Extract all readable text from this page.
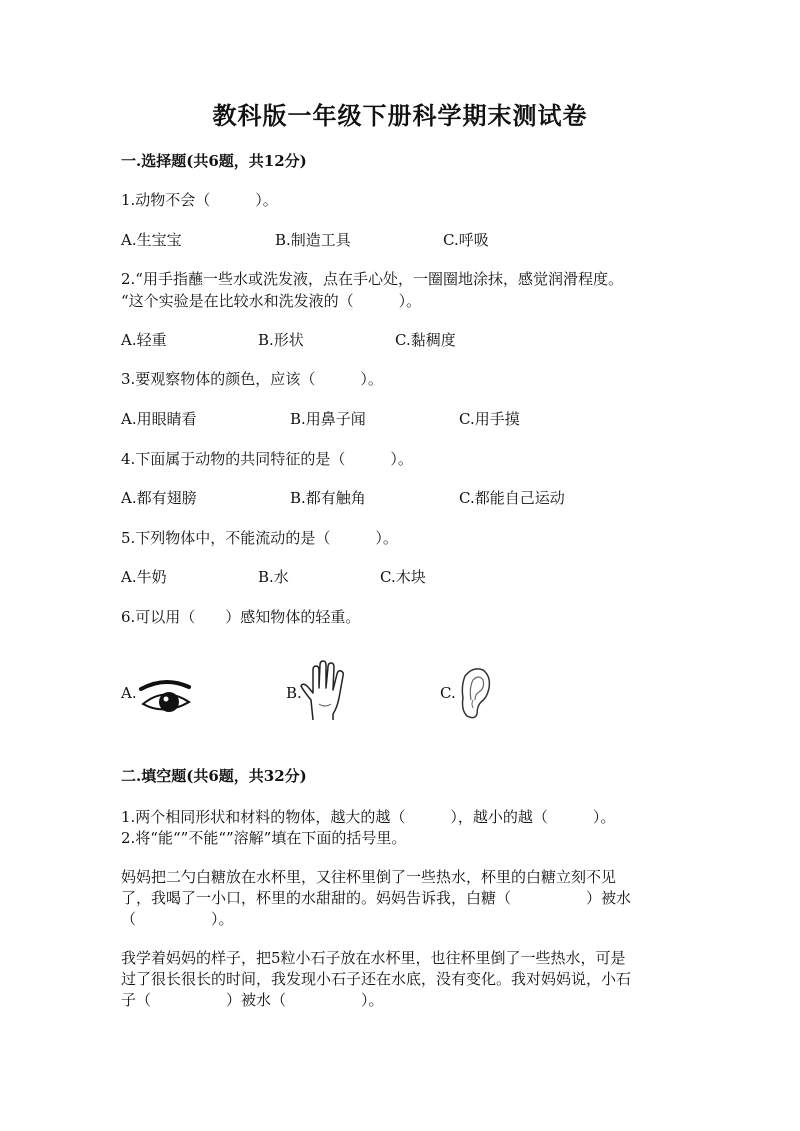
教科版一年级下册科学期末测试卷
一.选择题(共6题，共12分)
1.动物不会（　　　）。
A.生宝宝	B.制造工具	C.呼吸
2.“用手指蘸一些水或洗发液，点在手心处，一圈圈地涂抹，感觉润滑程度。
“这个实验是在比较水和洗发液的（　　　）。
A.轻重	B.形状	C.黏稠度
3.要观察物体的颜色，应该（　　　）。
A.用眼睛看	B.用鼻子闻	C.用手摸
4.下面属于动物的共同特征的是（　　　）。
A.都有翅膀	B.都有触角	C.都能自己运动
5.下列物体中，不能流动的是（　　　）。
A.牛奶	B.水	C.木块
6.可以用（　　）感知物体的轻重。
A.	B.	C.
二.填空题(共6题，共32分)
1.两个相同形状和材料的物体，越大的越（　　　），越小的越（　　　）。
2.将“能“”不能“”溶解”填在下面的括号里。
妈妈把二勺白糖放在水杯里，又往杯里倒了一些热水，杯里的白糖立刻不见
了，我喝了一小口，杯里的水甜甜的。妈妈告诉我，白糖（　　　　　）被水
（　　　　　）。
我学着妈妈的样子，把5粒小石子放在水杯里，也往杯里倒了一些热水，可是
过了很长很长的时间，我发现小石子还在水底，没有变化。我对妈妈说，小石
子（　　　　　）被水（　　　　　）。
